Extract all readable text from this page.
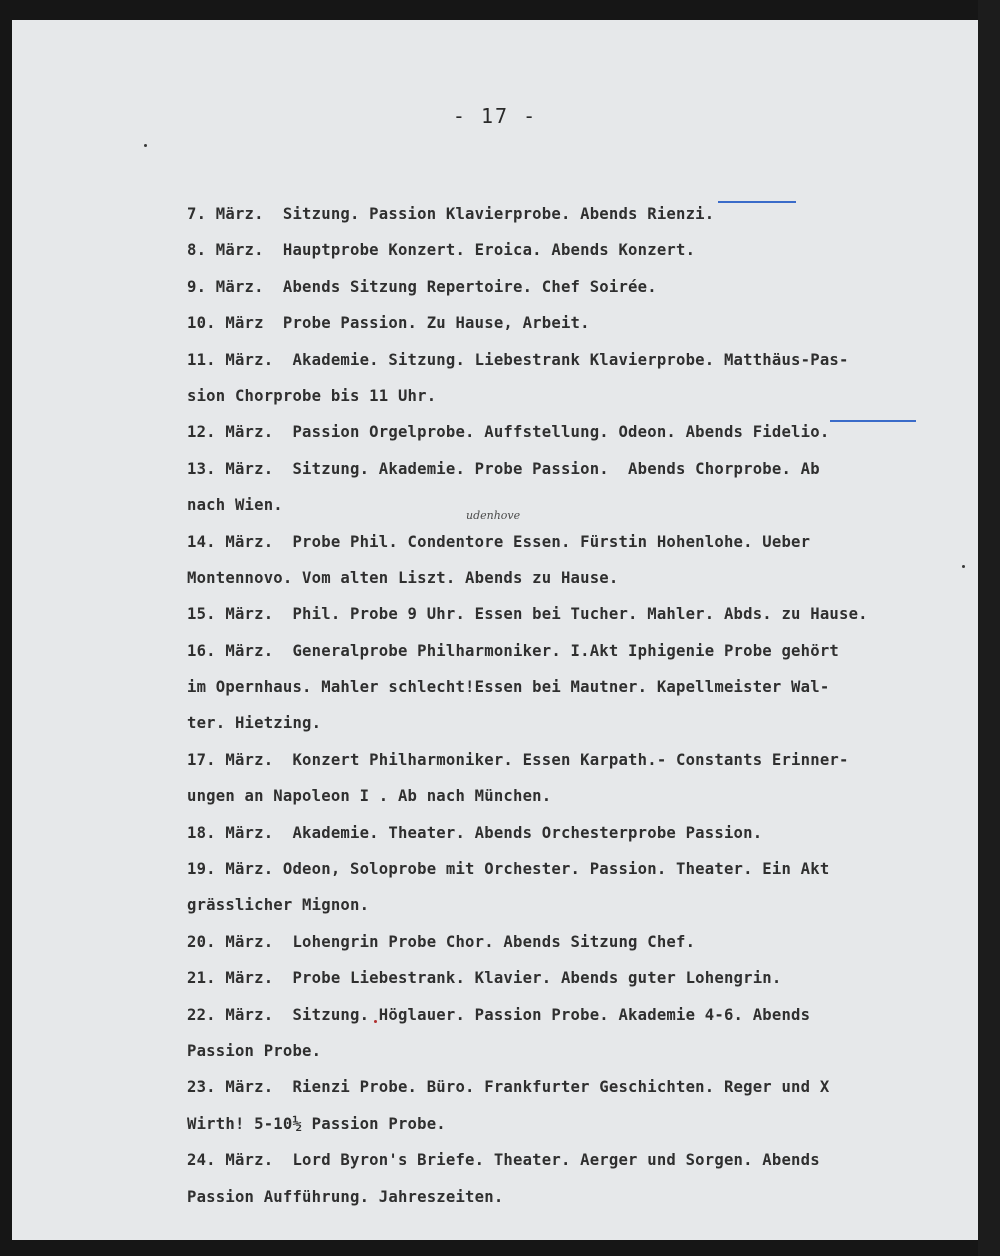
- 17 -
udenhove
7. März.  Sitzung. Passion Klavierprobe. Abends Rienzi.
8. März.  Hauptprobe Konzert. Eroica. Abends Konzert.
9. März.  Abends Sitzung Repertoire. Chef Soirée.
10. März  Probe Passion. Zu Hause, Arbeit.
11. März.  Akademie. Sitzung. Liebestrank Klavierprobe. Matthäus-Pas-
sion Chorprobe bis 11 Uhr.
12. März.  Passion Orgelprobe. Auffstellung. Odeon. Abends Fidelio.
13. März.  Sitzung. Akademie. Probe Passion.  Abends Chorprobe. Ab
nach Wien.
14. März.  Probe Phil. Condentore Essen. Fürstin Hohenlohe. Ueber
Montennovo. Vom alten Liszt. Abends zu Hause.
15. März.  Phil. Probe 9 Uhr. Essen bei Tucher. Mahler. Abds. zu Hause.
16. März.  Generalprobe Philharmoniker. I.Akt Iphigenie Probe gehört
im Opernhaus. Mahler schlecht!Essen bei Mautner. Kapellmeister Wal-
ter. Hietzing.
17. März.  Konzert Philharmoniker. Essen Karpath.- Constants Erinner-
ungen an Napoleon I . Ab nach München.
18. März.  Akademie. Theater. Abends Orchesterprobe Passion.
19. März. Odeon, Soloprobe mit Orchester. Passion. Theater. Ein Akt
grässlicher Mignon.
20. März.  Lohengrin Probe Chor. Abends Sitzung Chef.
21. März.  Probe Liebestrank. Klavier. Abends guter Lohengrin.
22. März.  Sitzung. Höglauer. Passion Probe. Akademie 4-6. Abends
Passion Probe.
23. März.  Rienzi Probe. Büro. Frankfurter Geschichten. Reger und X
Wirth! 5-10½ Passion Probe.
24. März.  Lord Byron's Briefe. Theater. Aerger und Sorgen. Abends
Passion Aufführung. Jahreszeiten.
